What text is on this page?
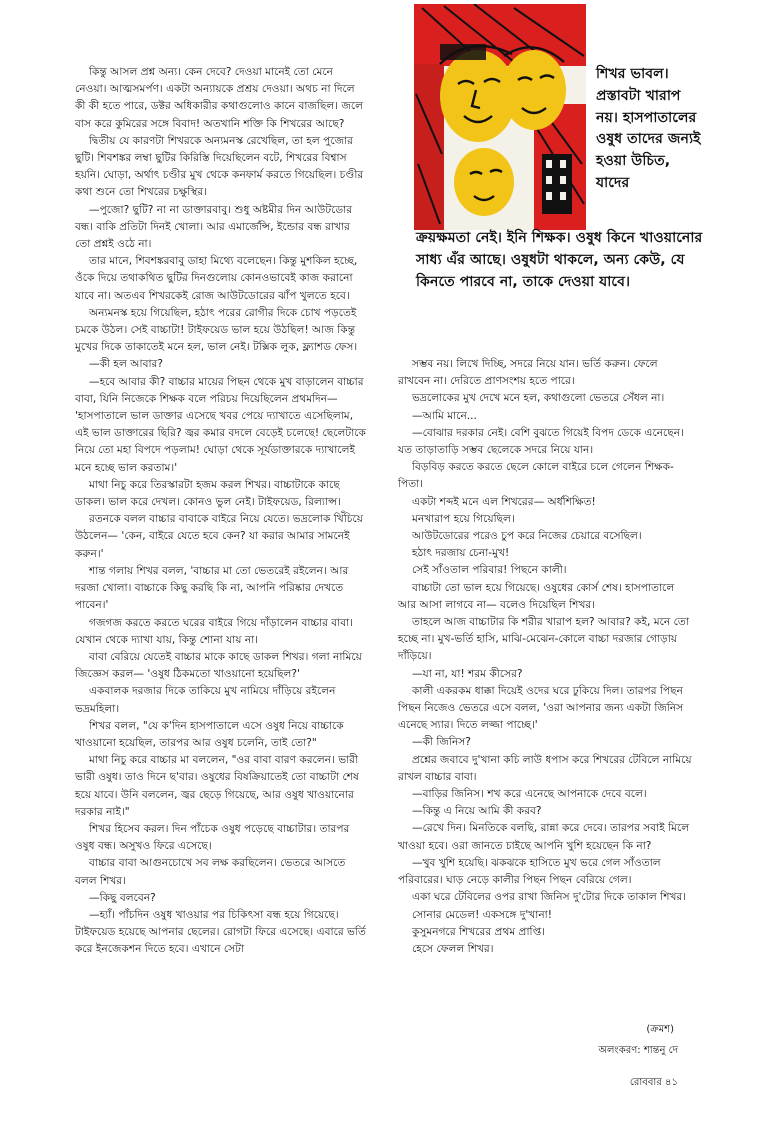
শিখর ভাবল। প্রস্তাবটা খারাপ নয়। হাসপাতালের ওষুধ তাদের জন্যই হওয়া উচিত, যাদের
ক্রয়ক্ষমতা নেই। ইনি শিক্ষক। ওষুধ কিনে খাওয়ানোর সাধ্য এঁর আছে। ওষুধটা থাকলে, অন্য কেউ, যে কিনতে পারবে না, তাকে দেওয়া যাবে।

কিন্তু আসল প্রশ্ন অন্য। কেন দেবে? দেওয়া মানেই তো মেনে নেওয়া। আত্মসমর্পণ। একটা অন্যায়কে প্রশ্রয় দেওয়া। অথচ না দিলে কী কী হতে পারে, ডক্টর অধিকারীর কথাগুলোও কানে বাজছিল। জলে বাস করে কুমিরের সঙ্গে বিবাদ! অতখানি শক্তি কি শিখরের আছে?

দ্বিতীয় যে কারণটা শিখরকে অন্যমনস্ক রেখেছিল, তা হল পুজোর ছুটি। শিবশঙ্কর লম্বা ছুটির কিরিস্তি দিয়েছিলেন বটে, শিখরের বিশ্বাস হয়নি। ঘোড়া, অর্থাৎ চণ্ডীর মুখ থেকে কনফার্ম করতে গিয়েছিল। চণ্ডীর কথা শুনে তো শিখরের চক্ষুস্থির।

—পুজো? ছুটি? না না ডাক্তারবাবু। শুধু অষ্টমীর দিন আউটডোর বন্ধ। বাকি প্রতিটা দিনই খোলা। আর এমার্জেন্সি, ইন্ডোর বন্ধ রাখার তো প্রশ্নই ওঠে না।

তার মানে, শিবশঙ্করবাবু ডাহা মিথ্যে বলেছেন। কিন্তু মুশকিল হচ্ছে, ওঁকে দিয়ে তথাকথিত ছুটির দিনগুলোয় কোনওভাবেই কাজ করানো যাবে না। অতএব শিখরকেই রোজ আউটডোরের ঝাঁপ খুলতে হবে।

অন্যমনস্ক হয়ে গিয়েছিল, হঠাৎ পরের রোগীর দিকে চোখ পড়তেই চমকে উঠল। সেই বাচ্চাটা! টাইফয়েড ভাল হয়ে উঠছিল! আজ কিন্তু মুখের দিকে তাকাতেই মনে হল, ভাল নেই। টক্সিক লুক, ফ্ল্যাশড ফেস।

—কী হল আবার?

—হবে আবার কী? বাচ্চার মায়ের পিছন থেকে মুখ বাড়ালেন বাচ্চার বাবা, যিনি নিজেকে শিক্ষক বলে পরিচয় দিয়েছিলেন প্রথমদিন— 'হাসপাতালে ভাল ডাক্তার এসেছে খবর পেয়ে দ্যাখাতে এসেছিলাম, এই ভাল ডাক্তারের ছিরি? জ্বর কমার বদলে বেড়েই চলেছে! ছেলেটাকে নিয়ে তো মহা বিপদে পড়লাম! ঘোড়া থেকে সূর্যডাক্তারকে দ্যাখালেই মনে হচ্ছে ভাল করতাম।'

মাথা নিচু করে তিরস্কারটা হজম করল শিখর। বাচ্চাটাকে কাছে ডাকল। ভাল করে দেখল। কোনও ভুল নেই। টাইফয়েড, রিল্যাপ্স।

রতনকে বলল বাচ্চার বাবাকে বাইরে নিয়ে যেতে। ভদ্রলোক খিঁচিয়ে উঠলেন— 'কেন, বাইরে যেতে হবে কেন? যা করার আমার সামনেই করুন।'

শান্ত গলায় শিখর বলল, 'বাচ্চার মা তো ভেতরেই রইলেন। আর দরজা খোলা। বাচ্চাকে কিছু করছি কি না, আপনি পরিষ্কার দেখতে পাবেন।'

গজগজ করতে করতে ঘরের বাইরে গিয়ে দাঁড়ালেন বাচ্চার বাবা। যেখান থেকে দ্যাখা যায়, কিন্তু শোনা যায় না।

বাবা বেরিয়ে যেতেই বাচ্চার মাকে কাছে ডাকল শিখর। গলা নামিয়ে জিজ্ঞেস করল— 'ওষুধ ঠিকমতো খাওয়ানো হয়েছিল?'

একবালক দরজার দিকে তাকিয়ে মুখ নামিয়ে দাঁড়িয়ে রইলেন ভদ্রমহিলা।

শিখর বলল, "যে ক'দিন হাসপাতালে এসে ওষুধ নিয়ে বাচ্চাকে খাওয়ানো হয়েছিল, তারপর আর ওষুধ চলেনি, তাই তো?"

মাথা নিচু করে বাচ্চার মা বললেন, "ওর বাবা বারণ করলেন। ভারী ভারী ওষুধ। তাও দিনে ছ'বার। ওষুধের বিষক্রিয়াতেই তো বাচ্চাটা শেষ হয়ে যাবে। উনি বললেন, জ্বর ছেড়ে গিয়েছে, আর ওষুধ খাওয়ানোর দরকার নাই।"

শিখর হিসেব করল। দিন পাঁচেক ওষুধ পড়েছে বাচ্চাটার। তারপর ওষুধ বন্ধ। অসুখও ফিরে এসেছে।

বাচ্চার বাবা আগুনচোখে সব লক্ষ করছিলেন। ভেতরে আসতে বলল শিখর।

—কিছু বলবেন?

—হ্যাঁ। পাঁচদিন ওষুধ খাওয়ার পর চিকিৎসা বন্ধ হয়ে গিয়েছে। টাইফয়েড হয়েছে আপনার ছেলের। রোগটা ফিরে এসেছে। এবারে ভর্তি করে ইনজেকশন দিতে হবে। এখানে সেটা

সম্ভব নয়। লিখে দিচ্ছি, সদরে নিয়ে যান। ভর্তি করুন। ফেলে রাখবেন না। দেরিতে প্রাণসংশয় হতে পারে।

ভদ্রলোকের মুখ দেখে মনে হল, কথাগুলো ভেতরে সেঁধল না।

—আমি মানে...

—বোঝার দরকার নেই। বেশি বুঝতে গিয়েই বিপদ ডেকে এনেছেন। যত তাড়াতাড়ি সম্ভব ছেলেকে সদরে নিয়ে যান।

বিড়বিড় করতে করতে ছেলে কোলে বাইরে চলে গেলেন শিক্ষক-পিতা।

একটা শব্দই মনে এল শিখরের— অর্ধশিক্ষিত!

মনখারাপ হয়ে গিয়েছিল।

আউটডোরের পরেও চুপ করে নিজের চেয়ারে বসেছিল।

হঠাৎ দরজায় চেনা-মুখ!

সেই সাঁওতাল পরিবার! পিছনে কালী।

বাচ্চাটা তো ভাল হয়ে গিয়েছে। ওষুধের কোর্স শেষ। হাসপাতালে আর আসা লাগবে না— বলেও দিয়েছিল শিখর।

তাহলে আজ বাচ্চাটার কি শরীর খারাপ হল? আবার? কই, মনে তো হচ্ছে না। মুখ-ভর্তি হাসি, মাঝি-মেঝেন-কোলে বাচ্চা দরজার গোড়ায় দাঁড়িয়ে।

—যা না, যা! শরম কীসের?

কালী একরকম ধাক্কা দিয়েই ওদের ঘরে ঢুকিয়ে দিল। তারপর পিছন পিছন নিজেও ভেতরে এসে বলল, 'ওরা আপনার জন্য একটা জিনিস এনেছে স্যার। দিতে লজ্জা পাচ্ছে।'

—কী জিনিস?

প্রশ্নের জবাবে দু'খানা কচি লাউ ধপাস করে শিখরের টেবিলে নামিয়ে রাখল বাচ্চার বাবা।

—বাড়ির জিনিস। শখ করে এনেছে আপনাকে দেবে বলে।

—কিন্তু এ নিয়ে আমি কী করব?

—রেখে দিন। মিনতিকে বলছি, রান্না করে দেবে। তারপর সবাই মিলে খাওয়া হবে। ওরা জানতে চাইছে আপনি খুশি হয়েছেন কি না?

—খুব খুশি হয়েছি। ঝকঝকে হাসিতে মুখ ভরে গেল সাঁওতাল পরিবারের। ঘাড় নেড়ে কালীর পিছন পিছন বেরিয়ে গেল।

একা ঘরে টেবিলের ওপর রাখা জিনিস দু'টোর দিকে তাকাল শিখর।

সোনার মেডেল! একসঙ্গে দু'খানা!

কুসুমনগরে শিখরের প্রথম প্রাপ্তি।

হেসে ফেলল শিখর।

(ক্রমশ)
অলংকরণ: শান্তনু দে
রোববার ৪১
